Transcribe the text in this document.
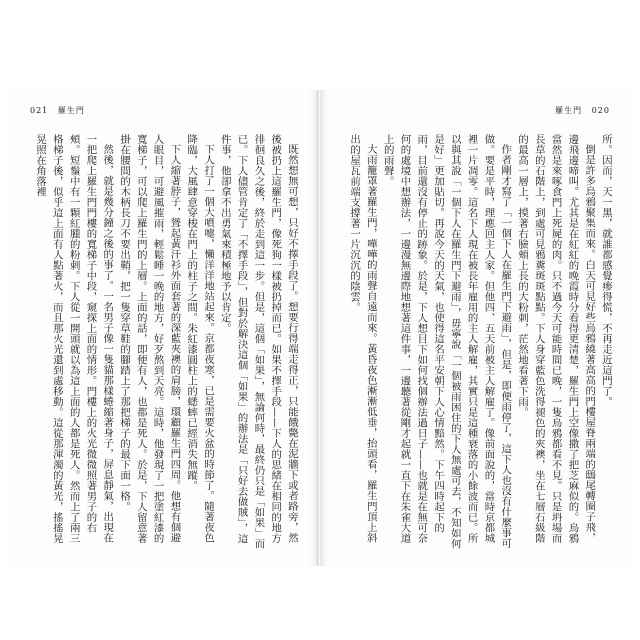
021 羅生門

既然想無可想，只好不擇手段了。想要行得端走得正，只能餓斃在泥牆下或者路旁，然後被扔上這羅生門，像死狗一樣被扔掉而已。如果不擇手段——下人的思緒在相同的地方徘徊良久之後，終於走到這一步。但是，這個「如果」，無論何時，最終仍只是「如果」而已。下人儘管肯定了「不擇手段」，但對於解決這個「如果」的辦法是「只好去做賊」，這件事，他卻拿不出勇氣來積極地予以肯定。

下人打了一個大噴嚏，懶洋洋地站起來。京都夜寒，已是需要火盆的時節了。隨著夜色降臨，大風肆意穿梭在門上的柱子之間。朱紅漆圓柱上的蟋蟀已經消失無蹤。

下人縮著脖子，聳起黃汗衫外面套著的深藍夾襖的肩膀，環顧羅生門四周。他想有個避人眼目，可避風摧雨，輕鬆睡一晚的地方，好歹熬到天亮。這時，他發現了一把塗紅漆的寬梯子，可以爬上羅生門的上層。上面的話，即便有人，也都是死人。於是，下人留意著掛在腰間的木柄長刀不要出鞘，把一隻穿草鞋的腳踏上了那把梯子的最下面一格。

然後，就是幾分鐘之後的事了。一名男子像一隻貓那樣蜷縮著身子，屏息靜氣，出現在一把爬上羅生門門樓的寬梯子中段，窺探上面的情形。門樓上的火光微微照著男子的右頰。短鬚中有一顆紅腫的粉刺。下人從一開頭就以為這上面的人都是死人。然而上了兩三格梯子後，似乎這上面有人點著火，而且那火光還到處移動。這從那渾濁的黃光，搖搖晃晃照在角落裡

羅生門 020

所。因而，天一黑，就誰都感覺瘆得慌，不再走近這門了。

倒是許多烏鴉聚集而來。白天可見好些烏鴉繞著高高的門樓屋脊兩端的鴟尾轉圈子飛，邊飛邊啼叫。尤其是在紅紅的晚霞時分看得更清楚，羅生門上空像撒了把芝麻似的。烏鴉當然是來啄食門上死屍的肉。只不過今天可能時間已晚，一隻烏鴉都看不見。只是坍場而長草的石階上，到處可見鴉糞斑斑點點。下人身穿藍色洗得褪色的夾襖，坐在七層石級階的最高一層上，摸著右臉頰上長的大粉刺，茫然地看著下雨。

作者剛才寫了「一個下人在羅生門下避雨」，但是，即便雨停了，這下人也沒有什麼事可做。要是平時，理應回主人家。但他四、五天前被主人解雇了。像前面說的，當時京都城裡一片凋零。這名下人現在被長年雇用的主人解雇，其實只是這種衰落的小餘波而已。所以與其說「一個下人在羅生門下避雨」，毋寧說「一個被雨困住的下人無處可去，不知如何是好」更加貼切。再說今天的天氣，也使得這名平安朝下人心情黯然。下午四時起下的雨，目前還沒有停止的跡象。於是，下人想目下如何找個辦法過日子——也就是在無可奈何的處境中想辦法，一邊漫無邊際地想著這件事，一邊聽著從剛才起就一直下在朱雀大道上的雨聲。

大雨籠罩著羅生門，嘩嘩的雨聲自遠而來。黃昏夜色漸漸低垂，抬頭看，羅生門頂上斜出的屋瓦前端支撐著一片沉沉的陰雲。
